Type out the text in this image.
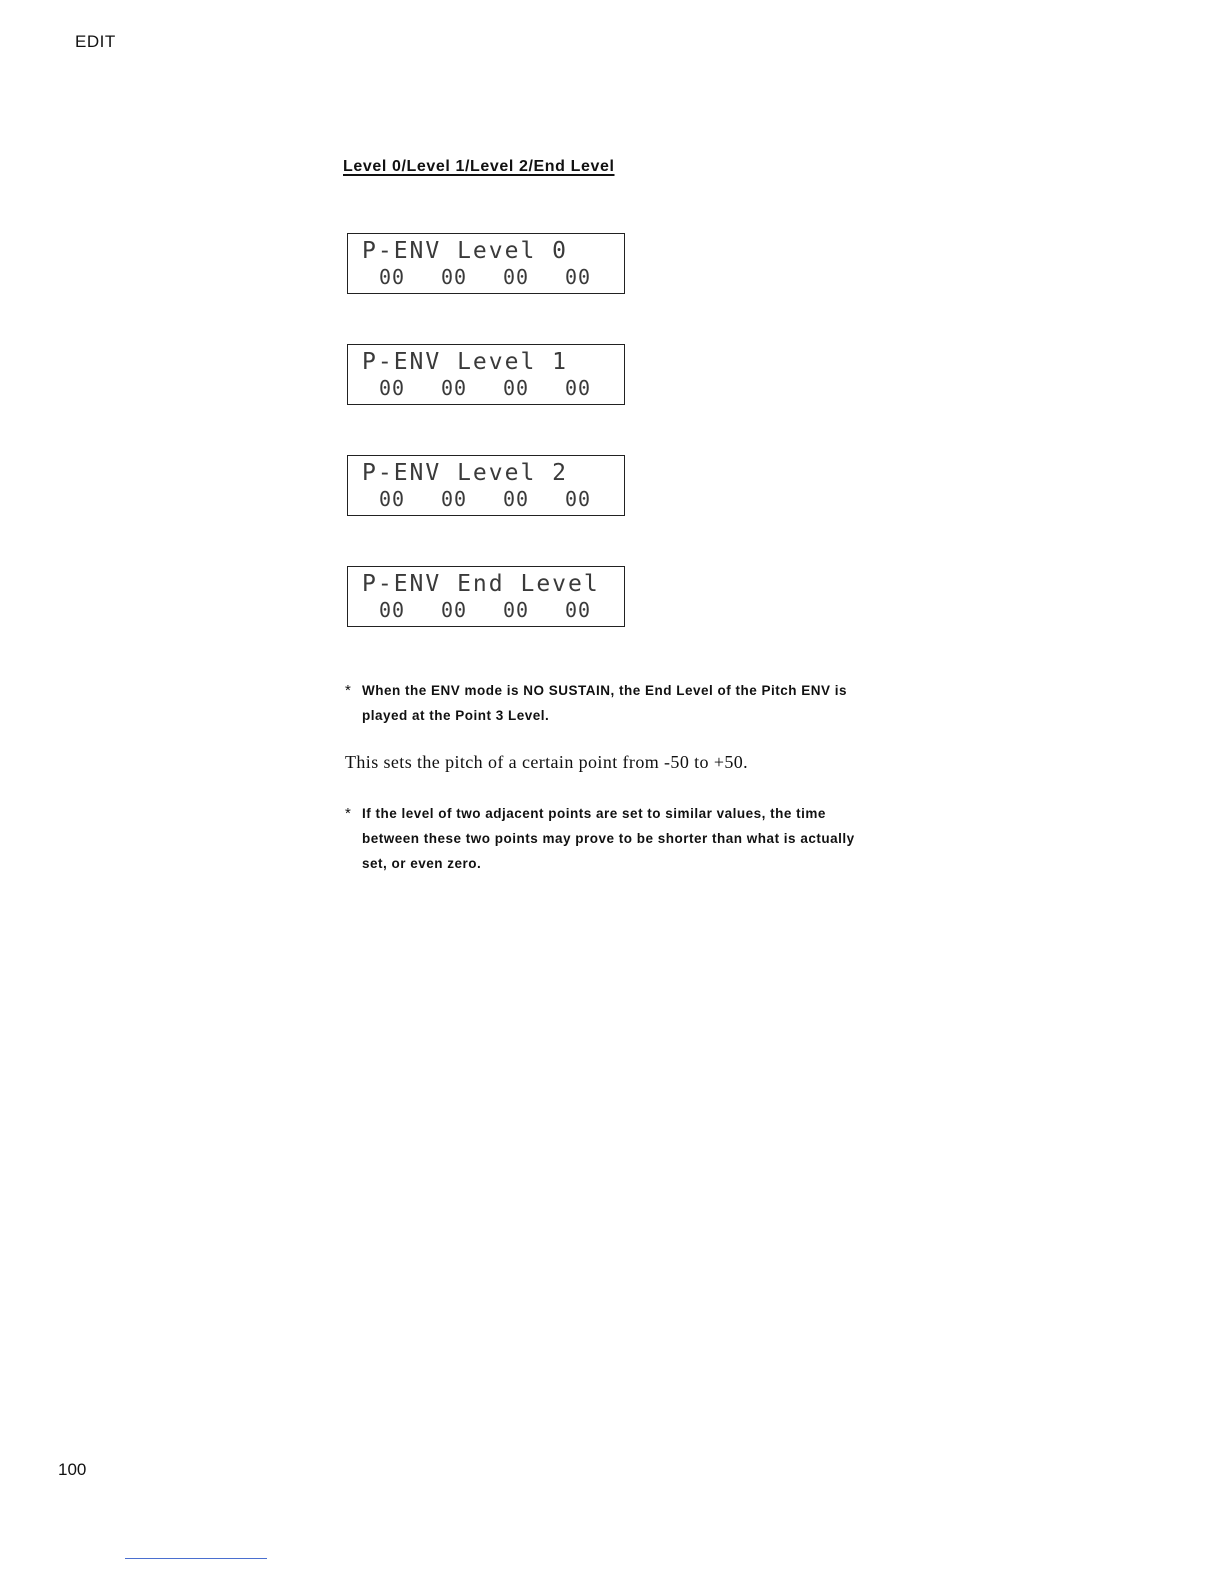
EDIT
Level 0/Level 1/Level 2/End Level
P-ENV Level 0
00 00 00 00
P-ENV Level 1
00 00 00 00
P-ENV Level 2
00 00 00 00
P-ENV End Level
00 00 00 00
* When the ENV mode is NO SUSTAIN, the End Level of the Pitch ENV is
played at the Point 3 Level.
This sets the pitch of a certain point from -50 to +50.
* If the level of two adjacent points are set to similar values, the time
between these two points may prove to be shorter than what is actually
set, or even zero.
100
